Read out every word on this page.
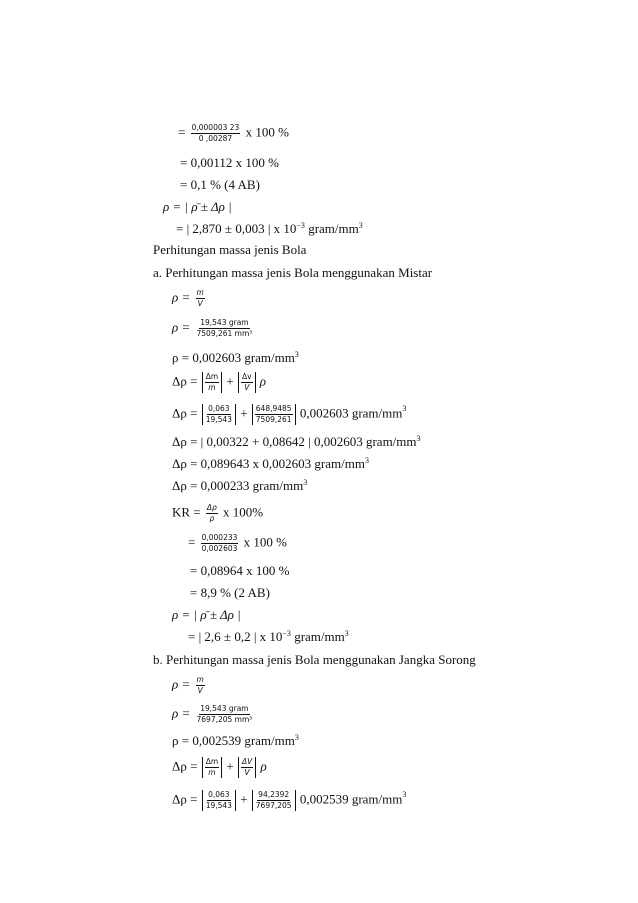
= $\frac{0,000003 23}{0 ,00287}$ x 100 %
= 0,00112 x 100 %
= 0,1 % (4 AB)
ρ = | ρ̄ ± Δρ |
= | 2,870 ± 0,003 | x $10^{-3}$ gram/$mm^3$
Perhitungan massa jenis Bola
a. Perhitungan massa jenis Bola menggunakan Mistar
$\rho = \frac{m}{V}$
$\rho = \frac{\text{19,543 gram}}{\text{7509,261 mm³}}$
ρ = 0,002603 gram/$mm^3$
$\Delta\rho = \frac{\Delta m}{m} + \frac{\Delta v}{V}$ ρ
$\Delta\rho = \frac{0,063}{19,543} + \frac{648,9485}{7509,261} 0,002603$ gram/$mm^3$
Δρ = | 0,00322 + 0,08642 | 0,002603 gram/$mm^3$
Δρ = 0,089643 x 0,002603 gram/$mm^3$
Δρ = 0,000233 gram/$mm^3$
KR = $\frac{\Delta\rho}{\rho}$ x 100%
= $\frac{0,000233}{0,002603}$ x 100 %
= 0,08964 x 100 %
= 8,9 % (2 AB)
ρ = | ρ̄ ± Δρ |
= | 2,6 ± 0,2 | x $10^{-3}$ gram/$mm^3$
b. Perhitungan massa jenis Bola menggunakan Jangka Sorong
$\rho = \frac{m}{V}$
$\rho = \frac{\text{19,543 gram}}{\text{7697,205 mm³}}$
ρ = 0,002539 gram/$mm^3$
$\Delta\rho = \frac{\Delta m}{m} + \frac{\Delta V}{V}$ ρ
$\Delta\rho = \frac{0,063}{19,543} + \frac{94,2392}{7697,205} 0,002539$ gram/$mm^3$
